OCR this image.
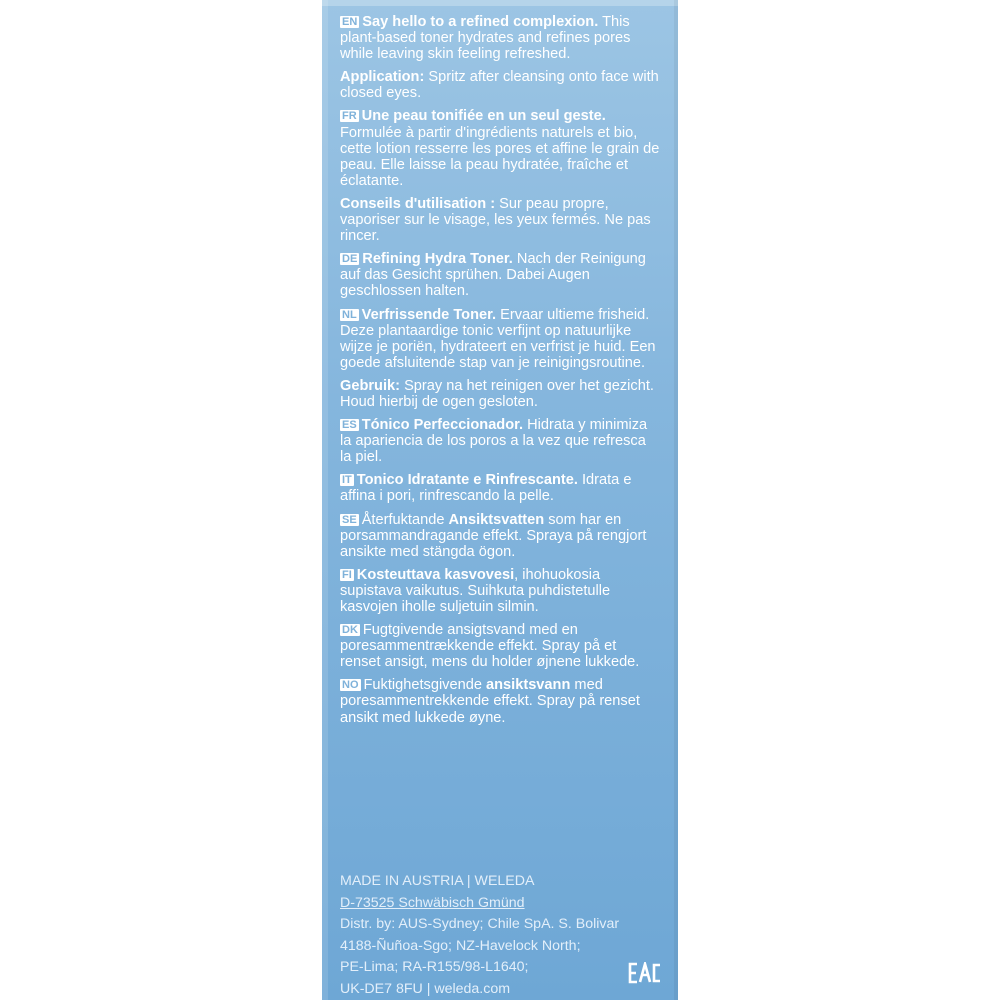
EN Say hello to a refined complexion. This plant-based toner hydrates and refines pores while leaving skin feeling refreshed.

Application: Spritz after cleansing onto face with closed eyes.

FR Une peau tonifiée en un seul geste. Formulée à partir d'ingrédients naturels et bio, cette lotion resserre les pores et affine le grain de peau. Elle laisse la peau hydratée, fraîche et éclatante.

Conseils d'utilisation : Sur peau propre, vaporiser sur le visage, les yeux fermés. Ne pas rincer.

DE Refining Hydra Toner. Nach der Reinigung auf das Gesicht sprühen. Dabei Augen geschlossen halten.

NL Verfrissende Toner. Ervaar ultieme frisheid. Deze plantaardige tonic verfijnt op natuurlijke wijze je poriën, hydrateert en verfrist je huid. Een goede afsluitende stap van je reinigingsroutine.

Gebruik: Spray na het reinigen over het gezicht. Houd hierbij de ogen gesloten.

ES Tónico Perfeccionador. Hidrata y minimiza la apariencia de los poros a la vez que refresca la piel.

IT Tonico Idratante e Rinfrescante. Idrata e affina i pori, rinfrescando la pelle.

SE Återfuktande Ansiktsvatten som har en porsammandragande effekt. Spraya på rengjort ansikte med stängda ögon.

FI Kosteuttava kasvovesi, ihohuokosia supistava vaikutus. Suihkuta puhdistetulle kasvojen iholle suljetuin silmin.

DK Fugtgivende ansigtsvand med en poresammentrækkende effekt. Spray på et renset ansigt, mens du holder øjnene lukkede.

NO Fuktighetsgivende ansiktsvann med poresammentrekkende effekt. Spray på renset ansikt med lukkede øyne.

MADE IN AUSTRIA | WELEDA
D-73525 Schwäbisch Gmünd
Distr. by: AUS-Sydney; Chile SpA. S. Bolivar
4188-Ñuñoa-Sgo; NZ-Havelock North;
PE-Lima; RA-R155/98-L1640;
UK-DE7 8FU | weleda.com
